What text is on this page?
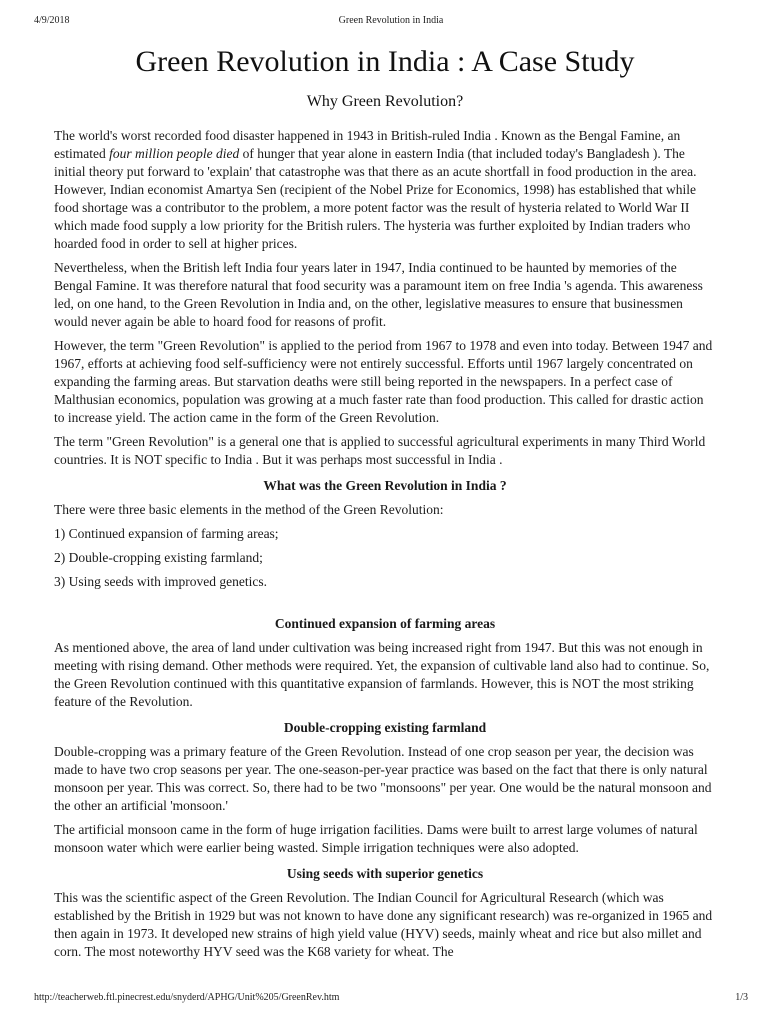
4/9/2018	Green Revolution in India
Green Revolution in India : A Case Study
Why Green Revolution?

The world's worst recorded food disaster happened in 1943 in British-ruled India . Known as the Bengal Famine, an estimated four million people died of hunger that year alone in eastern India (that included today's Bangladesh ). The initial theory put forward to 'explain' that catastrophe was that there as an acute shortfall in food production in the area. However, Indian economist Amartya Sen (recipient of the Nobel Prize for Economics, 1998) has established that while food shortage was a contributor to the problem, a more potent factor was the result of hysteria related to World War II which made food supply a low priority for the British rulers. The hysteria was further exploited by Indian traders who hoarded food in order to sell at higher prices.

Nevertheless, when the British left India four years later in 1947, India continued to be haunted by memories of the Bengal Famine. It was therefore natural that food security was a paramount item on free India 's agenda. This awareness led, on one hand, to the Green Revolution in India and, on the other, legislative measures to ensure that businessmen would never again be able to hoard food for reasons of profit.

However, the term "Green Revolution" is applied to the period from 1967 to 1978 and even into today. Between 1947 and 1967, efforts at achieving food self-sufficiency were not entirely successful. Efforts until 1967 largely concentrated on expanding the farming areas. But starvation deaths were still being reported in the newspapers. In a perfect case of Malthusian economics, population was growing at a much faster rate than food production. This called for drastic action to increase yield. The action came in the form of the Green Revolution.

The term "Green Revolution" is a general one that is applied to successful agricultural experiments in many Third World countries. It is NOT specific to India . But it was perhaps most successful in India .

What was the Green Revolution in India ?

There were three basic elements in the method of the Green Revolution:

1) Continued expansion of farming areas;
2) Double-cropping existing farmland;
3) Using seeds with improved genetics.
Continued expansion of farming areas

As mentioned above, the area of land under cultivation was being increased right from 1947. But this was not enough in meeting with rising demand. Other methods were required. Yet, the expansion of cultivable land also had to continue. So, the Green Revolution continued with this quantitative expansion of farmlands. However, this is NOT the most striking feature of the Revolution.

Double-cropping existing farmland

Double-cropping was a primary feature of the Green Revolution. Instead of one crop season per year, the decision was made to have two crop seasons per year. The one-season-per-year practice was based on the fact that there is only natural monsoon per year. This was correct. So, there had to be two "monsoons" per year. One would be the natural monsoon and the other an artificial 'monsoon.'

The artificial monsoon came in the form of huge irrigation facilities. Dams were built to arrest large volumes of natural monsoon water which were earlier being wasted. Simple irrigation techniques were also adopted.

Using seeds with superior genetics

This was the scientific aspect of the Green Revolution. The Indian Council for Agricultural Research (which was established by the British in 1929 but was not known to have done any significant research) was re-organized in 1965 and then again in 1973. It developed new strains of high yield value (HYV) seeds, mainly wheat and rice but also millet and corn. The most noteworthy HYV seed was the K68 variety for wheat. The

http://teacherweb.ftl.pinecrest.edu/snyderd/APHG/Unit%205/GreenRev.htm	1/3
